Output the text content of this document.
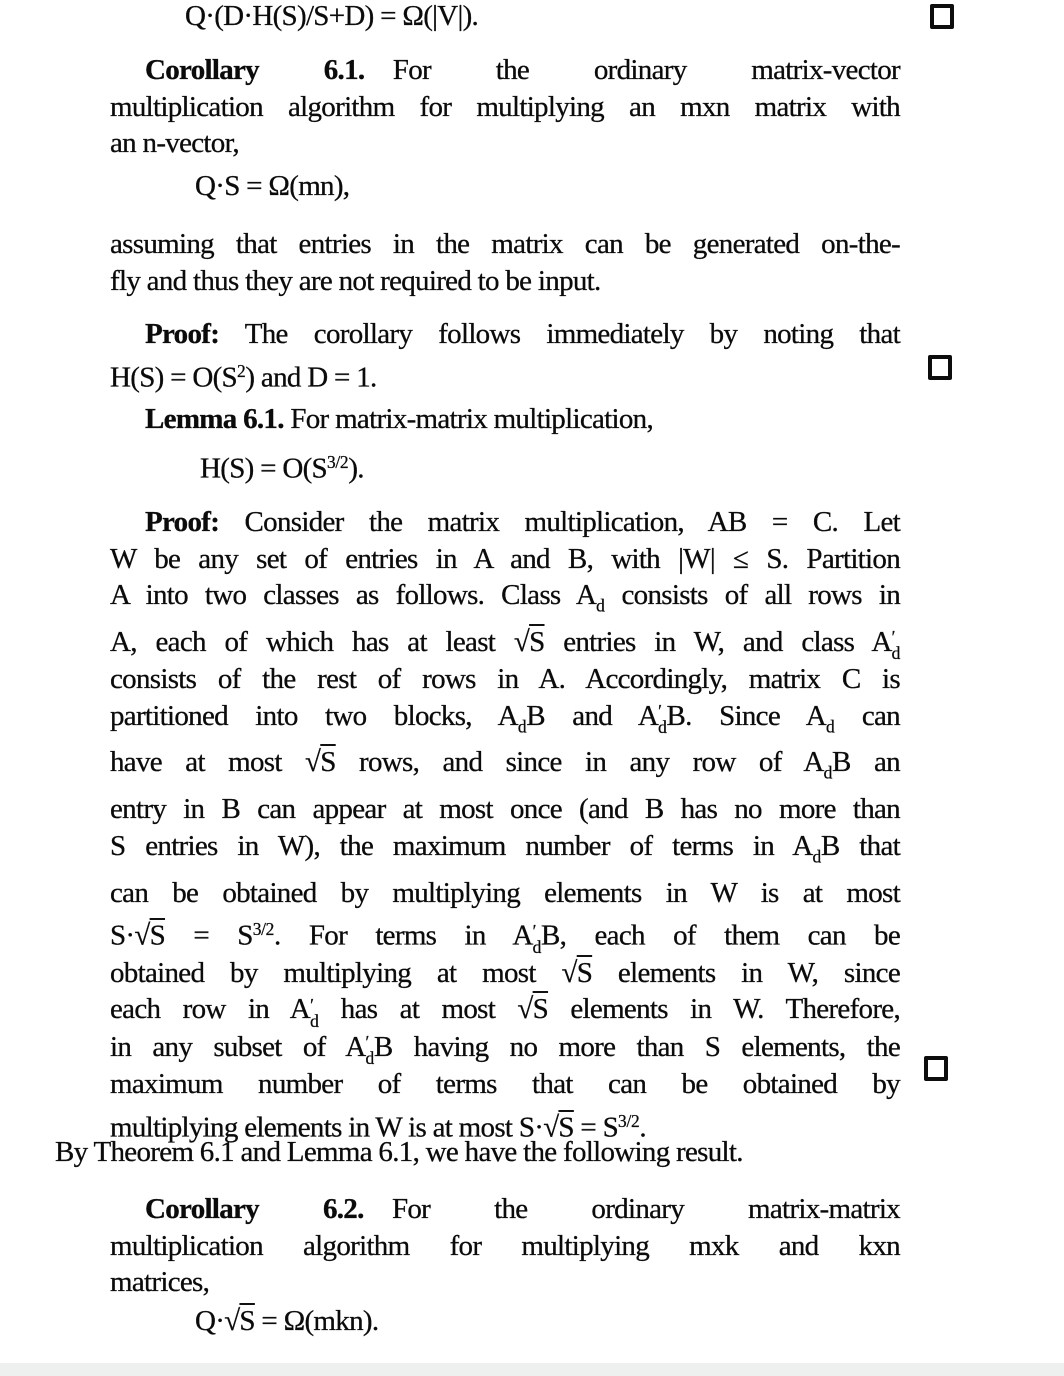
Q·(D·H(S)/S+D) = Ω(|V|).
Corollary 6.1. For the ordinary matrix-vector
multiplication algorithm for multiplying an mxn matrix with
an n-vector,
Q·S = Ω(mn),
assuming that entries in the matrix can be generated on-the-
fly and thus they are not required to be input.
Proof: The corollary follows immediately by noting that
$H(S) = O(S^2)$ and D = 1.
Lemma 6.1. For matrix-matrix multiplication,
$H(S) = O(S^{3/2})$.
Proof: Consider the matrix multiplication, AB = C. Let
W be any set of entries in A and B, with |W| ≤ S. Partition
A into two classes as follows. Class $A_d$ consists of all rows in
A, each of which has at least √S entries in W, and class A ′
d
consists of the rest of rows in A. Accordingly, matrix C is
partitioned into two blocks, $A_dB$ and A ′
d B. Since $A_d$ can
have at most √S rows, and since in any row of $A_dB$ an
entry in B can appear at most once (and B has no more than
S entries in W), the maximum number of terms in $A_dB$ that
can be obtained by multiplying elements in W is at most
$S\cdot√S = S^{3/2}$. For terms in A ′
d B, each of them can be
obtained by multiplying at most √S elements in W, since
each row in A ′
d has at most √S elements in W. Therefore,
in any subset of A ′
d B having no more than S elements, the
maximum number of terms that can be obtained by
multiplying elements in W is at most $S\cdot√S = S^{3/2}$.
By Theorem 6.1 and Lemma 6.1, we have the following result.
Corollary 6.2. For the ordinary matrix-matrix
multiplication algorithm for multiplying mxk and kxn
matrices,
Q·√S = Ω(mkn).
